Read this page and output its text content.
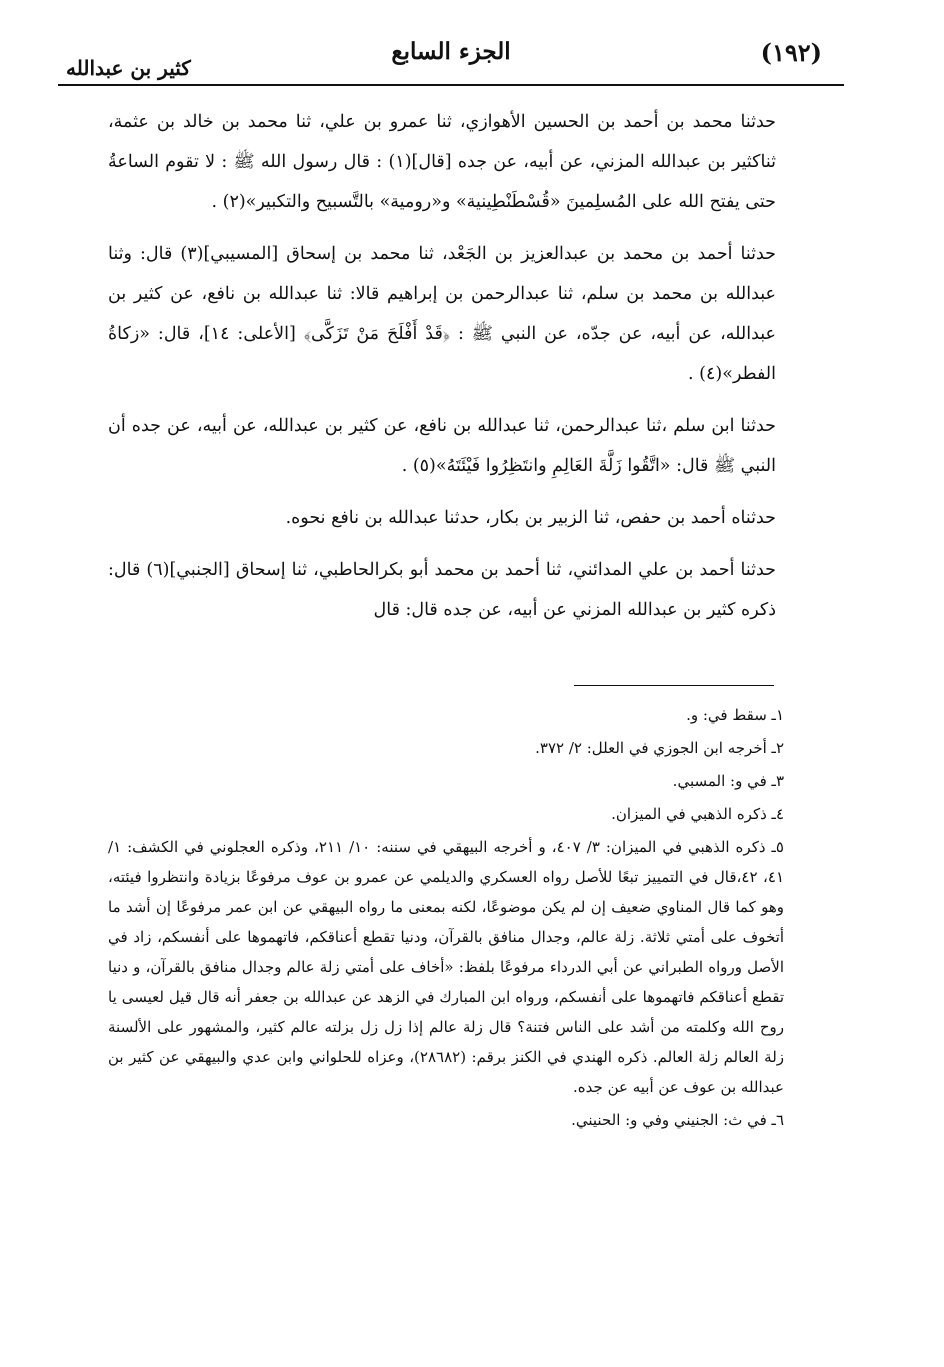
(١٩٢)
الجزء السابع
كثير بن عبدالله

حدثنا محمد بن أحمد بن الحسين الأهوازي، ثنا عمرو بن علي، ثنا محمد بن خالد بن عثمة، ثناكثير بن عبدالله المزني، عن أبيه، عن جده [قال](١) : قال رسول الله ﷺ : لا تقوم الساعةُ حتى يفتح الله على المُسلِمينَ «قُسْطَنْطِينية» و«رومية» بالتَّسبيح والتكبير»(٢) .

حدثنا أحمد بن محمد بن عبدالعزيز بن الجَعْد، ثنا محمد بن إسحاق [المسيبي](٣) قال: وثنا عبدالله بن محمد بن سلم، ثنا عبدالرحمن بن إبراهيم قالا: ثنا عبدالله بن نافع، عن كثير بن عبدالله، عن أبيه، عن جدّه، عن النبي ﷺ : ﴿قَدْ أَفْلَحَ مَنْ تَزَكَّى﴾ [الأعلى: ١٤]، قال: «زكاةُ الفطر»(٤) .

حدثنا ابن سلم ،ثنا عبدالرحمن، ثنا عبدالله بن نافع، عن كثير بن عبدالله، عن أبيه، عن جده أن النبي ﷺ قال: «اتَّقُوا زَلَّةَ العَالِمِ وانتَظِرُوا فَيْئَتَهُ»(٥) .

حدثناه أحمد بن حفص، ثنا الزبير بن بكار، حدثنا عبدالله بن نافع نحوه.

حدثنا أحمد بن علي المدائني، ثنا أحمد بن محمد أبو بكرالحاطبي، ثنا إسحاق [الجنبي](٦) قال: ذكره كثير بن عبدالله المزني عن أبيه، عن جده قال: قال

١ـ سقط في: و.

٢ـ أخرجه ابن الجوزي في العلل: ٢/ ٣٧٢.

٣ـ في و: المسبي.

٤ـ ذكره الذهبي في الميزان.

٥ـ ذكره الذهبي في الميزان: ٣/ ٤٠٧، و أخرجه البيهقي في سننه: ١٠/ ٢١١، وذكره العجلوني في الكشف: ١/ ٤١، ٤٢،قال في التمييز تبعًا للأصل رواه العسكري والديلمي عن عمرو بن عوف مرفوعًا بزيادة وانتظروا فيئته، وهو كما قال المناوي ضعيف إن لم يكن موضوعًا، لكنه بمعنى ما رواه البيهقي عن ابن عمر مرفوعًا إن أشد ما أتخوف على أمتي ثلاثة. زلة عالم، وجدال منافق بالقرآن، ودنيا تقطع أعناقكم، فاتهموها على أنفسكم، زاد في الأصل ورواه الطبراني عن أبي الدرداء مرفوعًا بلفظ: «أخاف على أمتي زلة عالم وجدال منافق بالقرآن، و دنيا تقطع أعناقكم فاتهموها على أنفسكم، ورواه ابن المبارك في الزهد عن عبدالله بن جعفر أنه قال قيل لعيسى يا روح الله وكلمته من أشد على الناس فتنة؟ قال زلة عالم إذا زل زل بزلته عالم كثير، والمشهور على الألسنة زلة العالم زلة العالم. ذكره الهندي في الكنز برقم: (٢٨٦٨٢)، وعزاه للحلواني وابن عدي والبيهقي عن كثير بن عبدالله بن عوف عن أبيه عن جده.

٦ـ في ث: الجنيني وفي و: الحنيني.
